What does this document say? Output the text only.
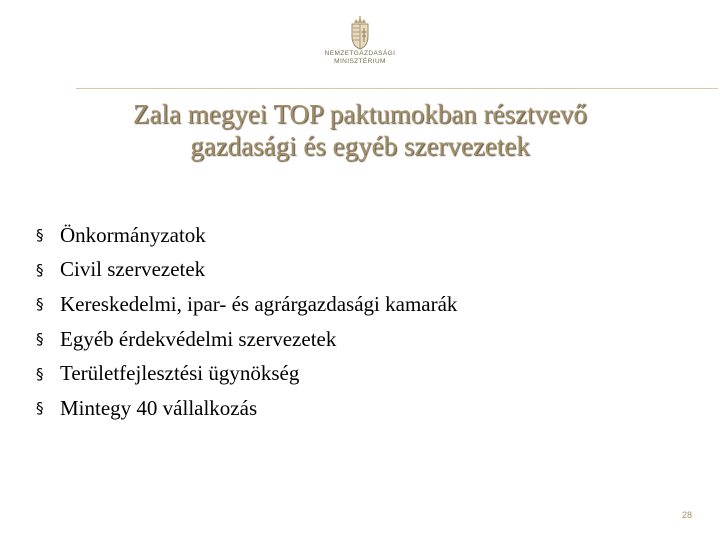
NEMZETGAZDASÁGI
MINISZTÉRIUM
Zala megyei TOP paktumokban résztvevő
gazdasági és egyéb szervezetek
§ Önkormányzatok
§ Civil szervezetek
§ Kereskedelmi, ipar- és agrárgazdasági kamarák
§ Egyéb érdekvédelmi szervezetek
§ Területfejlesztési ügynökség
§ Mintegy 40 vállalkozás
28
